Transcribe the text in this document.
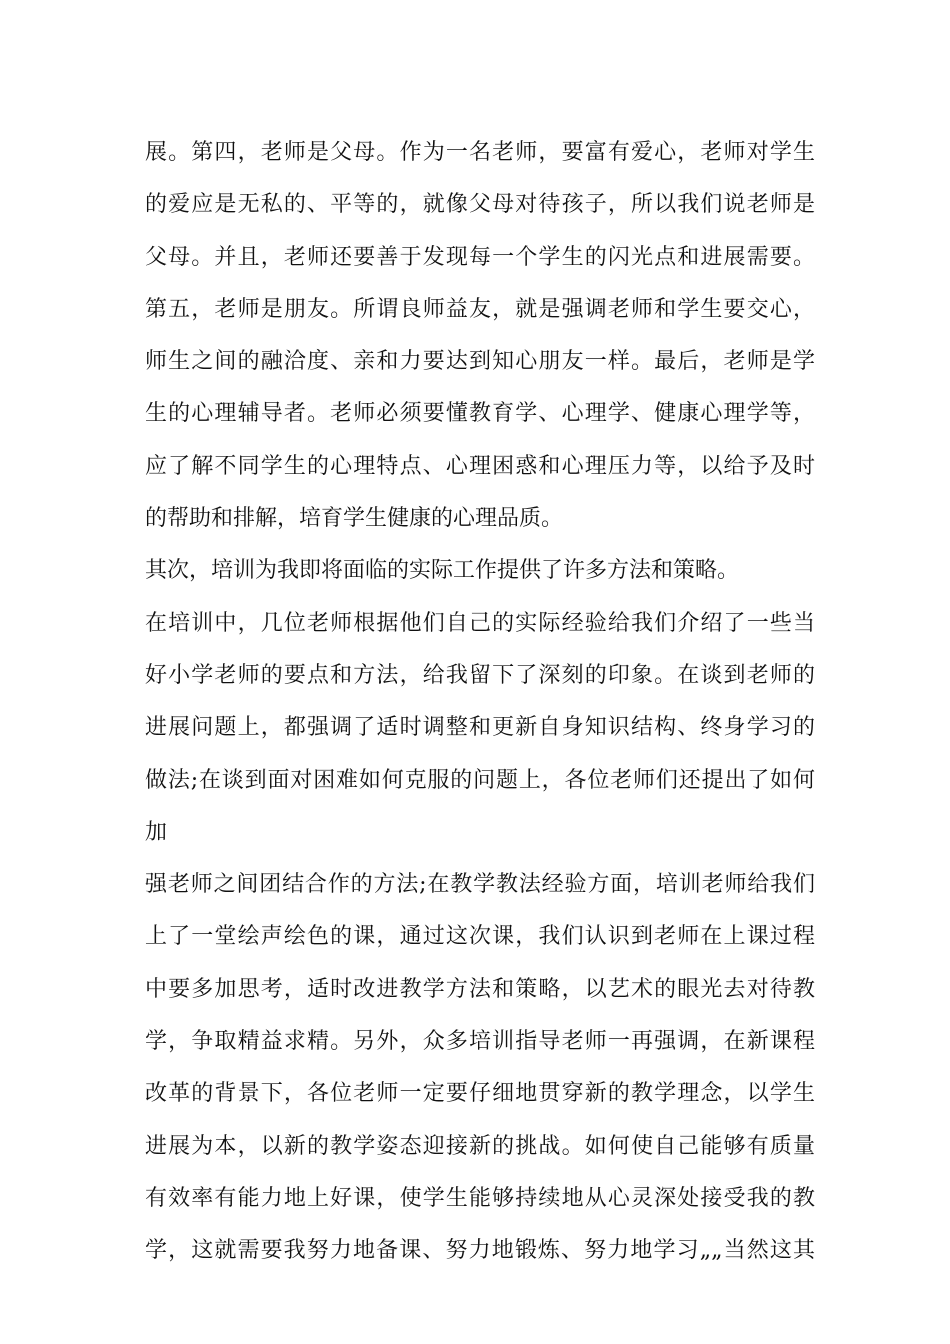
展。第四，老师是父母。作为一名老师，要富有爱心，老师对学生
的爱应是无私的、平等的，就像父母对待孩子，所以我们说老师是
父母。并且，老师还要善于发现每一个学生的闪光点和进展需要。
第五，老师是朋友。所谓良师益友，就是强调老师和学生要交心，
师生之间的融洽度、亲和力要达到知心朋友一样。最后，老师是学
生的心理辅导者。老师必须要懂教育学、心理学、健康心理学等，
应了解不同学生的心理特点、心理困惑和心理压力等，以给予及时
的帮助和排解，培育学生健康的心理品质。
其次，培训为我即将面临的实际工作提供了许多方法和策略。
在培训中，几位老师根据他们自己的实际经验给我们介绍了一些当
好小学老师的要点和方法，给我留下了深刻的印象。在谈到老师的
进展问题上，都强调了适时调整和更新自身知识结构、终身学习的
做法;在谈到面对困难如何克服的问题上，各位老师们还提出了如何
加
强老师之间团结合作的方法;在教学教法经验方面，培训老师给我们
上了一堂绘声绘色的课，通过这次课，我们认识到老师在上课过程
中要多加思考，适时改进教学方法和策略，以艺术的眼光去对待教
学，争取精益求精。另外，众多培训指导老师一再强调，在新课程
改革的背景下，各位老师一定要仔细地贯穿新的教学理念，以学生
进展为本，以新的教学姿态迎接新的挑战。如何使自己能够有质量
有效率有能力地上好课，使学生能够持续地从心灵深处接受我的教
学，这就需要我努力地备课、努力地锻炼、努力地学习„„当然这其
